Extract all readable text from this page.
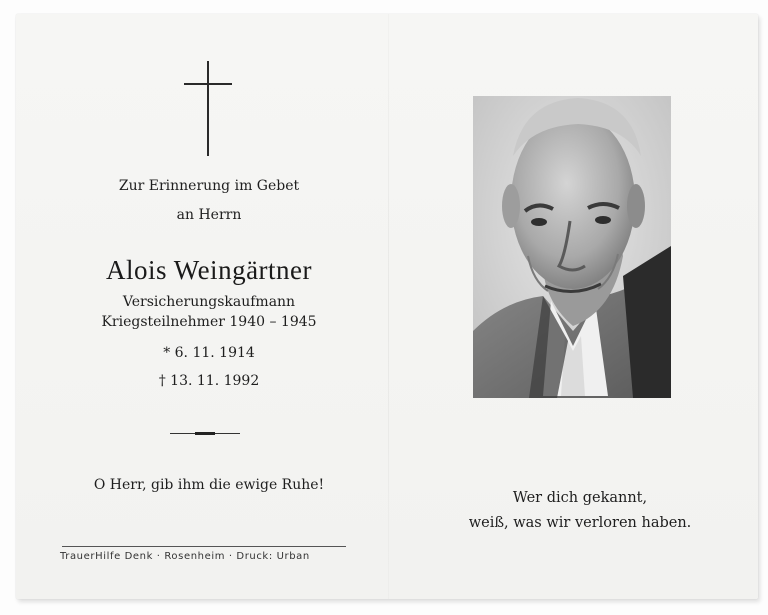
Zur Erinnerung im Gebet
an Herrn
Alois Weingärtner
Versicherungskaufmann
Kriegsteilnehmer 1940 – 1945
* 6. 11. 1914
† 13. 11. 1992
O Herr, gib ihm die ewige Ruhe!
TrauerHilfe Denk · Rosenheim · Druck: Urban
Wer dich gekannt,
weiß, was wir verloren haben.
